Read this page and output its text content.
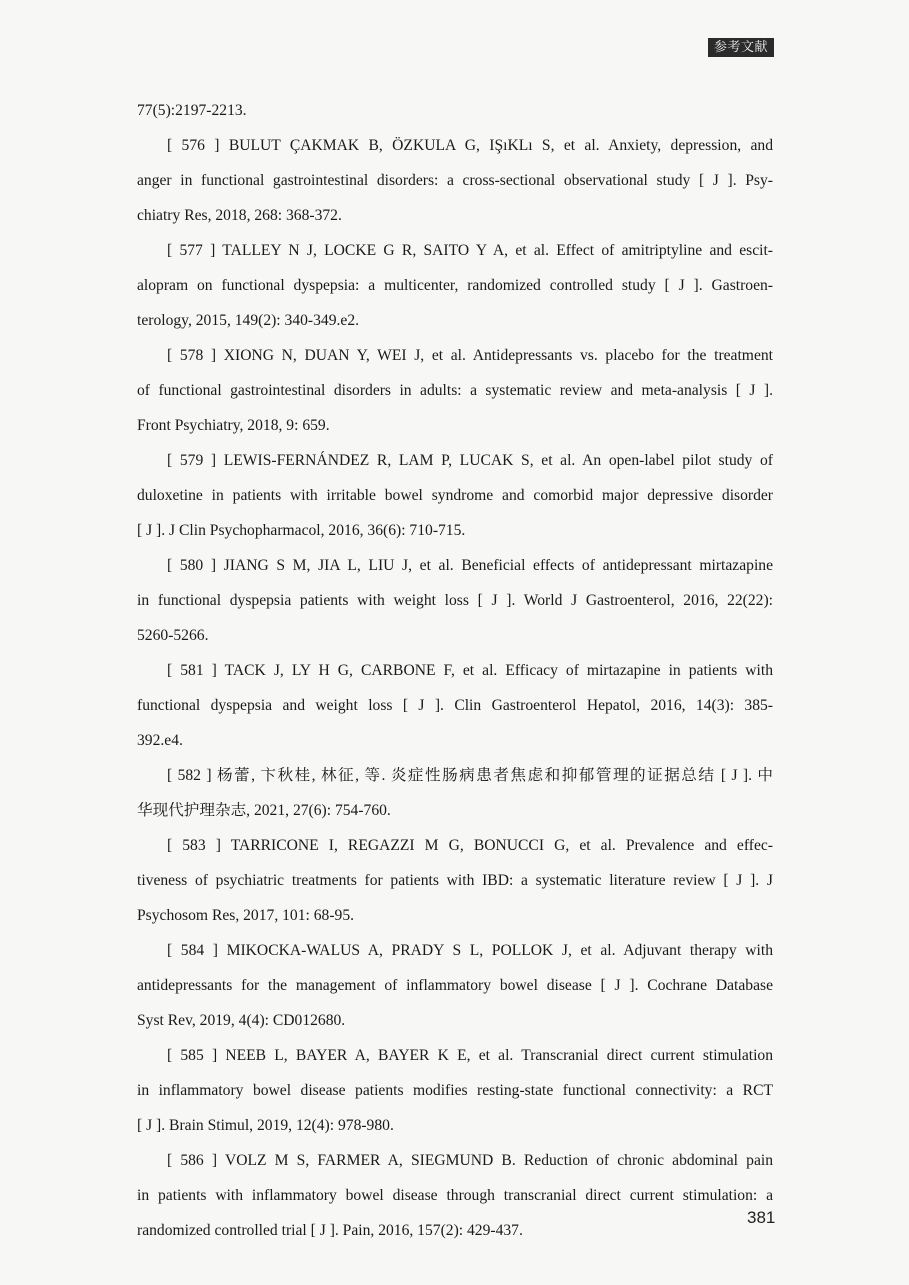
参考文献
77(5):2197-2213.
[ 576 ] BULUT ÇAKMAK B, ÖZKULA G, IŞıKLı S, et al. Anxiety, depression, and
anger in functional gastrointestinal disorders: a cross-sectional observational study [ J ]. Psy-
chiatry Res, 2018, 268: 368-372.
[ 577 ] TALLEY N J, LOCKE G R, SAITO Y A, et al. Effect of amitriptyline and escit-
alopram on functional dyspepsia: a multicenter, randomized controlled study [ J ]. Gastroen-
terology, 2015, 149(2): 340-349.e2.
[ 578 ] XIONG N, DUAN Y, WEI J, et al. Antidepressants vs. placebo for the treatment
of functional gastrointestinal disorders in adults: a systematic review and meta-analysis [ J ].
Front Psychiatry, 2018, 9: 659.
[ 579 ] LEWIS-FERNÁNDEZ R, LAM P, LUCAK S, et al. An open-label pilot study of
duloxetine in patients with irritable bowel syndrome and comorbid major depressive disorder
[ J ]. J Clin Psychopharmacol, 2016, 36(6): 710-715.
[ 580 ] JIANG S M, JIA L, LIU J, et al. Beneficial effects of antidepressant mirtazapine
in functional dyspepsia patients with weight loss [ J ]. World J Gastroenterol, 2016, 22(22):
5260-5266.
[ 581 ] TACK J, LY H G, CARBONE F, et al. Efficacy of mirtazapine in patients with
functional dyspepsia and weight loss [ J ]. Clin Gastroenterol Hepatol, 2016, 14(3): 385-
392.e4.
[ 582 ] 杨蕾, 卞秋桂, 林征, 等. 炎症性肠病患者焦虑和抑郁管理的证据总结 [ J ]. 中
华现代护理杂志, 2021, 27(6): 754-760.
[ 583 ] TARRICONE I, REGAZZI M G, BONUCCI G, et al. Prevalence and effec-
tiveness of psychiatric treatments for patients with IBD: a systematic literature review [ J ]. J
Psychosom Res, 2017, 101: 68-95.
[ 584 ] MIKOCKA-WALUS A, PRADY S L, POLLOK J, et al. Adjuvant therapy with
antidepressants for the management of inflammatory bowel disease [ J ]. Cochrane Database
Syst Rev, 2019, 4(4): CD012680.
[ 585 ] NEEB L, BAYER A, BAYER K E, et al. Transcranial direct current stimulation
in inflammatory bowel disease patients modifies resting-state functional connectivity: a RCT
[ J ]. Brain Stimul, 2019, 12(4): 978-980.
[ 586 ] VOLZ M S, FARMER A, SIEGMUND B. Reduction of chronic abdominal pain
in patients with inflammatory bowel disease through transcranial direct current stimulation: a
randomized controlled trial [ J ]. Pain, 2016, 157(2): 429-437.
381
